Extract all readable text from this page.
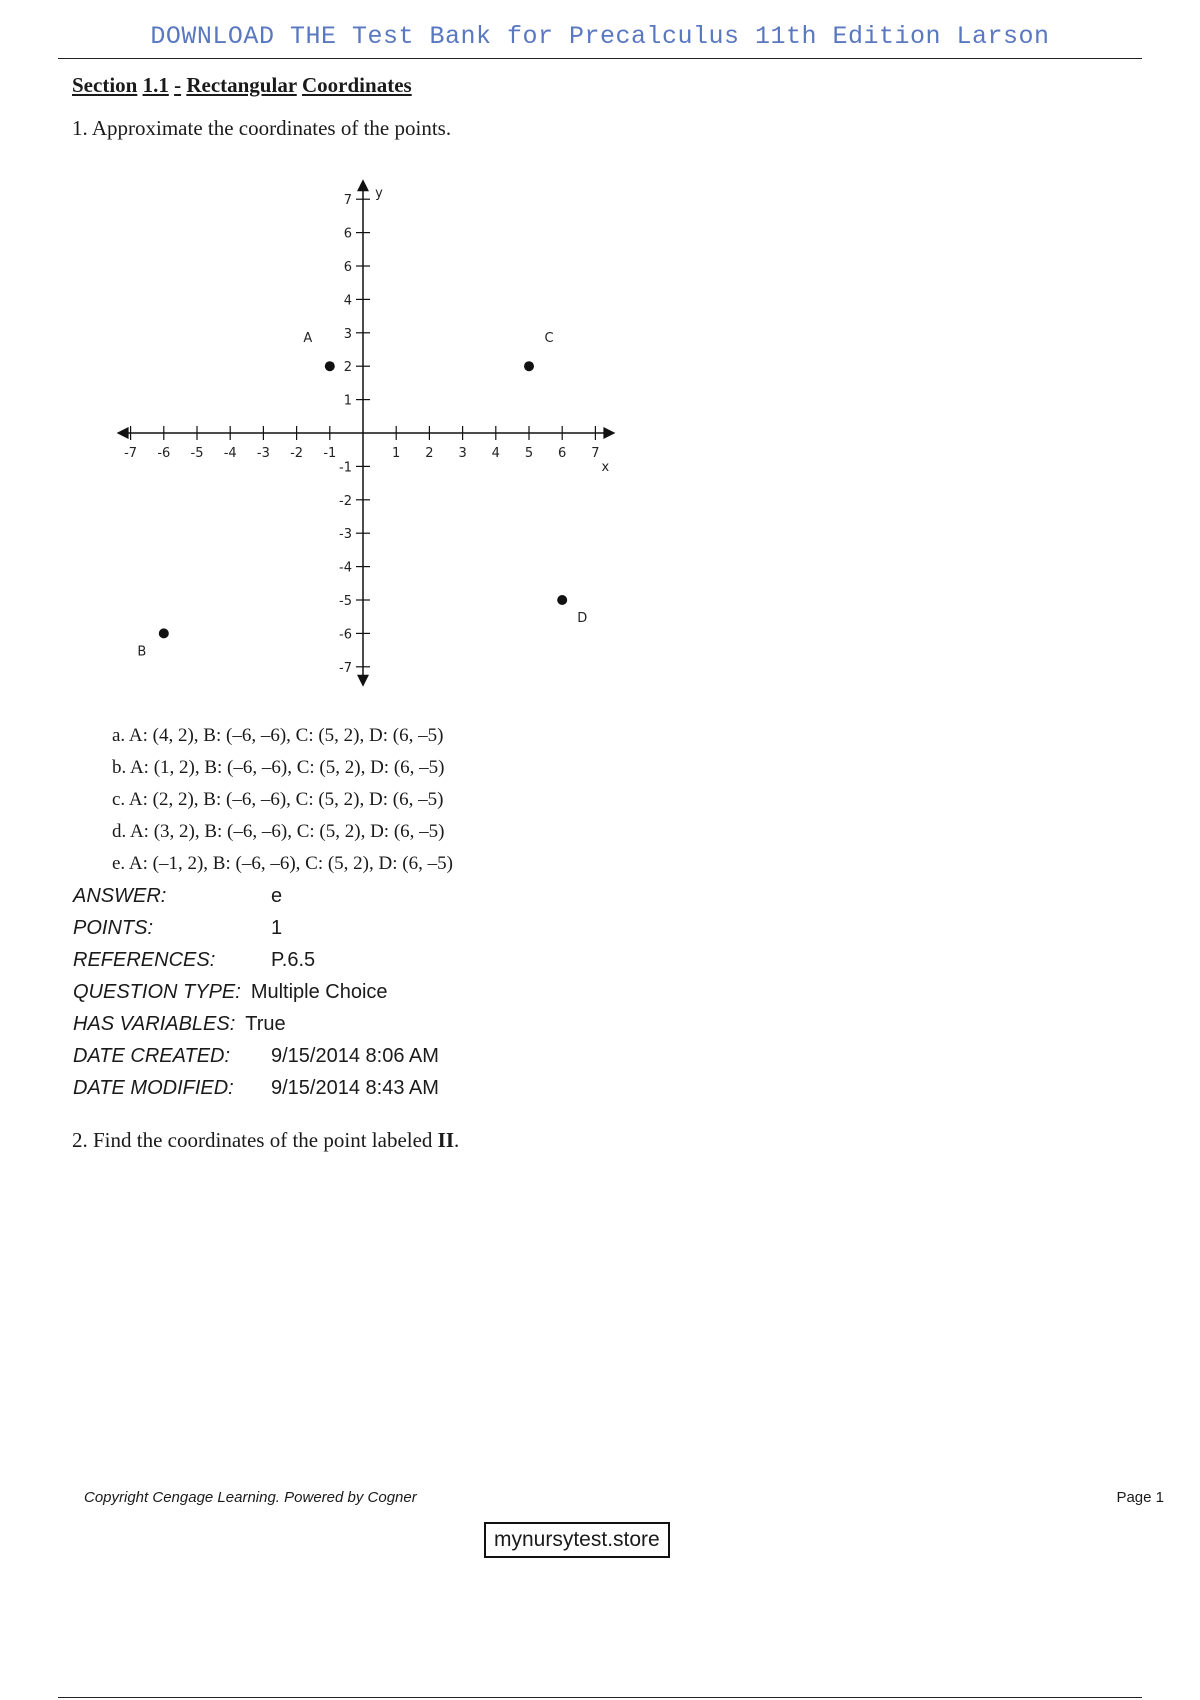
DOWNLOAD THE Test Bank for Precalculus 11th Edition Larson
Section 1.1 - Rectangular Coordinates
1. Approximate the coordinates of the points.
-7 -6 -5 -4 -3 -2 -1	1 2 3 4 5 6 7
7
6
6
4
3
2
1
-1
-2
-3
-4
-5
-6
-7
x
y
A
B
C
D
a. A: (4, 2), B: (–6, –6), C: (5, 2), D: (6, –5)
b. A: (1, 2), B: (–6, –6), C: (5, 2), D: (6, –5)
c. A: (2, 2), B: (–6, –6), C: (5, 2), D: (6, –5)
d. A: (3, 2), B: (–6, –6), C: (5, 2), D: (6, –5)
e. A: (–1, 2), B: (–6, –6), C: (5, 2), D: (6, –5)
ANSWER:	e
POINTS:	1
REFERENCES:	P.6.5
QUESTION TYPE: Multiple Choice
HAS VARIABLES: True
DATE CREATED:	9/15/2014 8:06 AM
DATE MODIFIED:	9/15/2014 8:43 AM
2. Find the coordinates of the point labeled II.
Copyright Cengage Learning. Powered by Cogner	Page 1
mynursytest.store
